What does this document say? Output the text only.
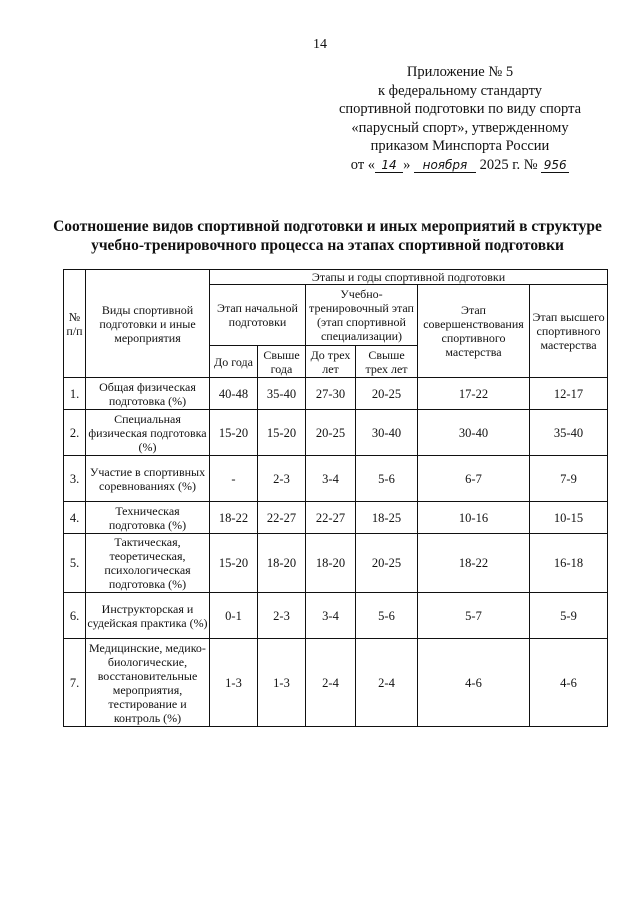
14
Приложение № 5
к федеральному стандарту
спортивной подготовки по виду спорта
«парусный спорт», утвержденному
приказом Минспорта России
от « 14 » ноября 2025 г. № 956
Соотношение видов спортивной подготовки и иных мероприятий в структуре учебно-тренировочного процесса на этапах спортивной подготовки
№ п/п	Виды спортивной подготовки и иные мероприятия	Этапы и годы спортивной подготовки					
		Этап начальной подготовки		Учебно-тренировочный этап (этап спортивной специализации)		Этап совершенствования спортивного мастерства	Этап высшего спортивного мастерства
		До года	Свыше года	До трех лет	Свыше трех лет		
1.	Общая физическая подготовка (%)	40-48	35-40	27-30	20-25	17-22	12-17
2.	Специальная физическая подготовка (%)	15-20	15-20	20-25	30-40	30-40	35-40
3.	Участие в спортивных соревнованиях (%)	-	2-3	3-4	5-6	6-7	7-9
4.	Техническая подготовка (%)	18-22	22-27	22-27	18-25	10-16	10-15
5.	Тактическая, теоретическая, психологическая подготовка (%)	15-20	18-20	18-20	20-25	18-22	16-18
6.	Инструкторская и судейская практика (%)	0-1	2-3	3-4	5-6	5-7	5-9
7.	Медицинские, медико-биологические, восстановительные мероприятия, тестирование и контроль (%)	1-3	1-3	2-4	2-4	4-6	4-6
